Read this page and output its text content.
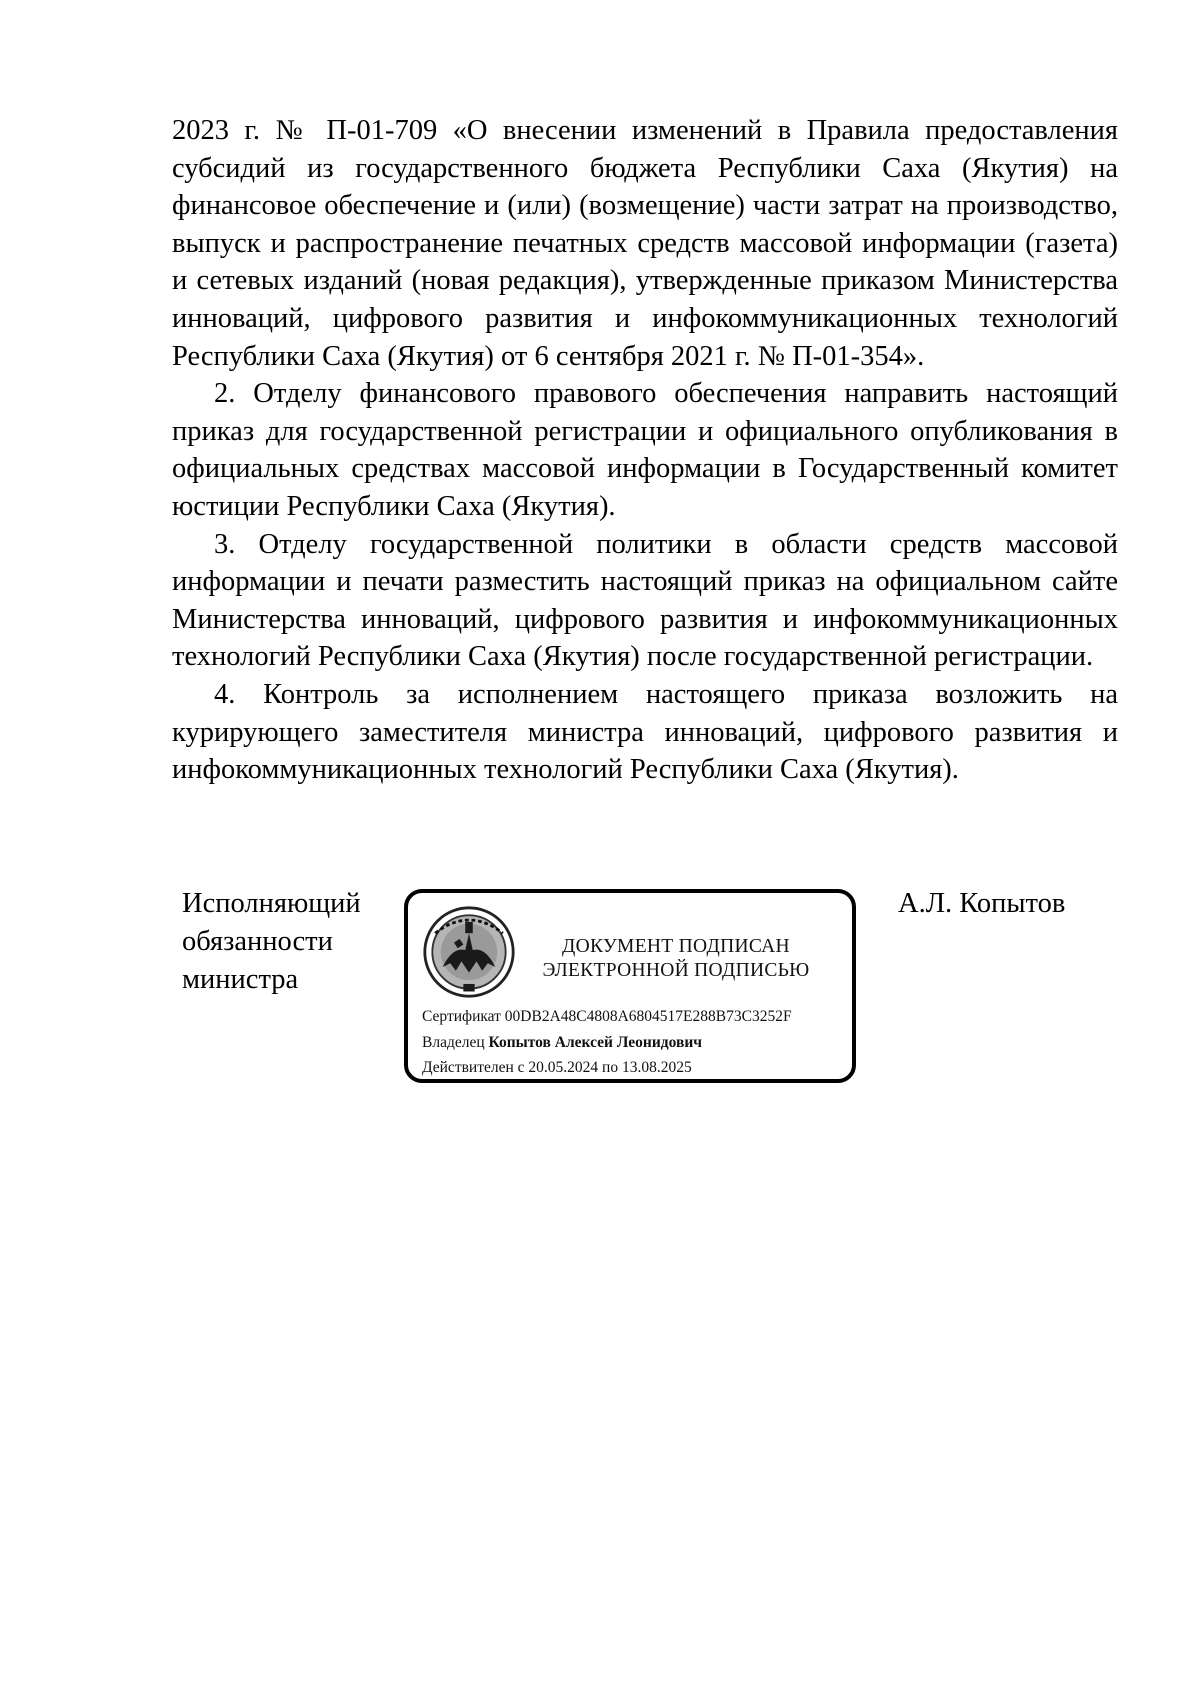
2023 г. № П-01-709 «О внесении изменений в Правила предоставления субсидий из государственного бюджета Республики Саха (Якутия) на финансовое обеспечение и (или) (возмещение) части затрат на производство, выпуск и распространение печатных средств массовой информации (газета) и сетевых изданий (новая редакция), утвержденные приказом Министерства инноваций, цифрового развития и инфокоммуникационных технологий Республики Саха (Якутия) от 6 сентября 2021 г. № П-01-354».

2. Отделу финансового правового обеспечения направить настоящий приказ для государственной регистрации и официального опубликования в официальных средствах массовой информации в Государственный комитет юстиции Республики Саха (Якутия).

3. Отделу государственной политики в области средств массовой информации и печати разместить настоящий приказ на официальном сайте Министерства инноваций, цифрового развития и инфокоммуникационных технологий Республики Саха (Якутия) после государственной регистрации.

4. Контроль за исполнением настоящего приказа возложить на курирующего заместителя министра инноваций, цифрового развития и инфокоммуникационных технологий Республики Саха (Якутия).

Исполняющий
обязанности
министра
ДОКУМЕНТ ПОДПИСАН
ЭЛЕКТРОННОЙ ПОДПИСЬЮ
Сертификат 00DB2A48C4808A6804517E288B73C3252F
Владелец Копытов Алексей Леонидович
Действителен с 20.05.2024 по 13.08.2025
А.Л. Копытов
